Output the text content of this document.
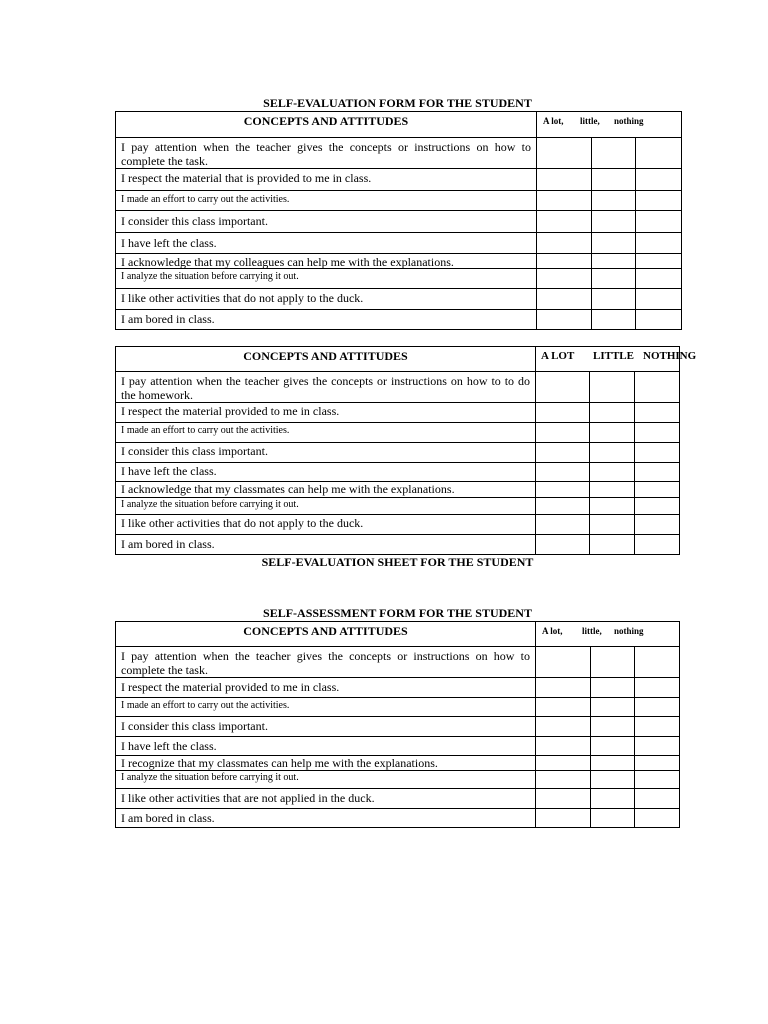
SELF-EVALUATION FORM FOR THE STUDENT
CONCEPTS AND ATTITUDES	A lot, little, nothing		

I pay attention when the teacher gives the concepts or instructions on how to complete the task.			
I respect the material that is provided to me in class.			
I made an effort to carry out the activities.			
I consider this class important.			
I have left the class.			
I acknowledge that my colleagues can help me with the explanations.			
I analyze the situation before carrying it out.			
I like other activities that do not apply to the duck.			
I am bored in class.			
CONCEPTS AND ATTITUDES	A LOT LITTLE NOTHING		

I pay attention when the teacher gives the concepts or instructions on how to to do the homework.			
I respect the material provided to me in class.			
I made an effort to carry out the activities.			
I consider this class important.			
I have left the class.			
I acknowledge that my classmates can help me with the explanations.			
I analyze the situation before carrying it out.			
I like other activities that do not apply to the duck.			
I am bored in class.			
SELF-EVALUATION SHEET FOR THE STUDENT
SELF-ASSESSMENT FORM FOR THE STUDENT
CONCEPTS AND ATTITUDES	A lot, little, nothing		

I pay attention when the teacher gives the concepts or instructions on how to complete the task.			
I respect the material provided to me in class.			
I made an effort to carry out the activities.			
I consider this class important.			
I have left the class.			
I recognize that my classmates can help me with the explanations.			
I analyze the situation before carrying it out.			
I like other activities that are not applied in the duck.			
I am bored in class.			
